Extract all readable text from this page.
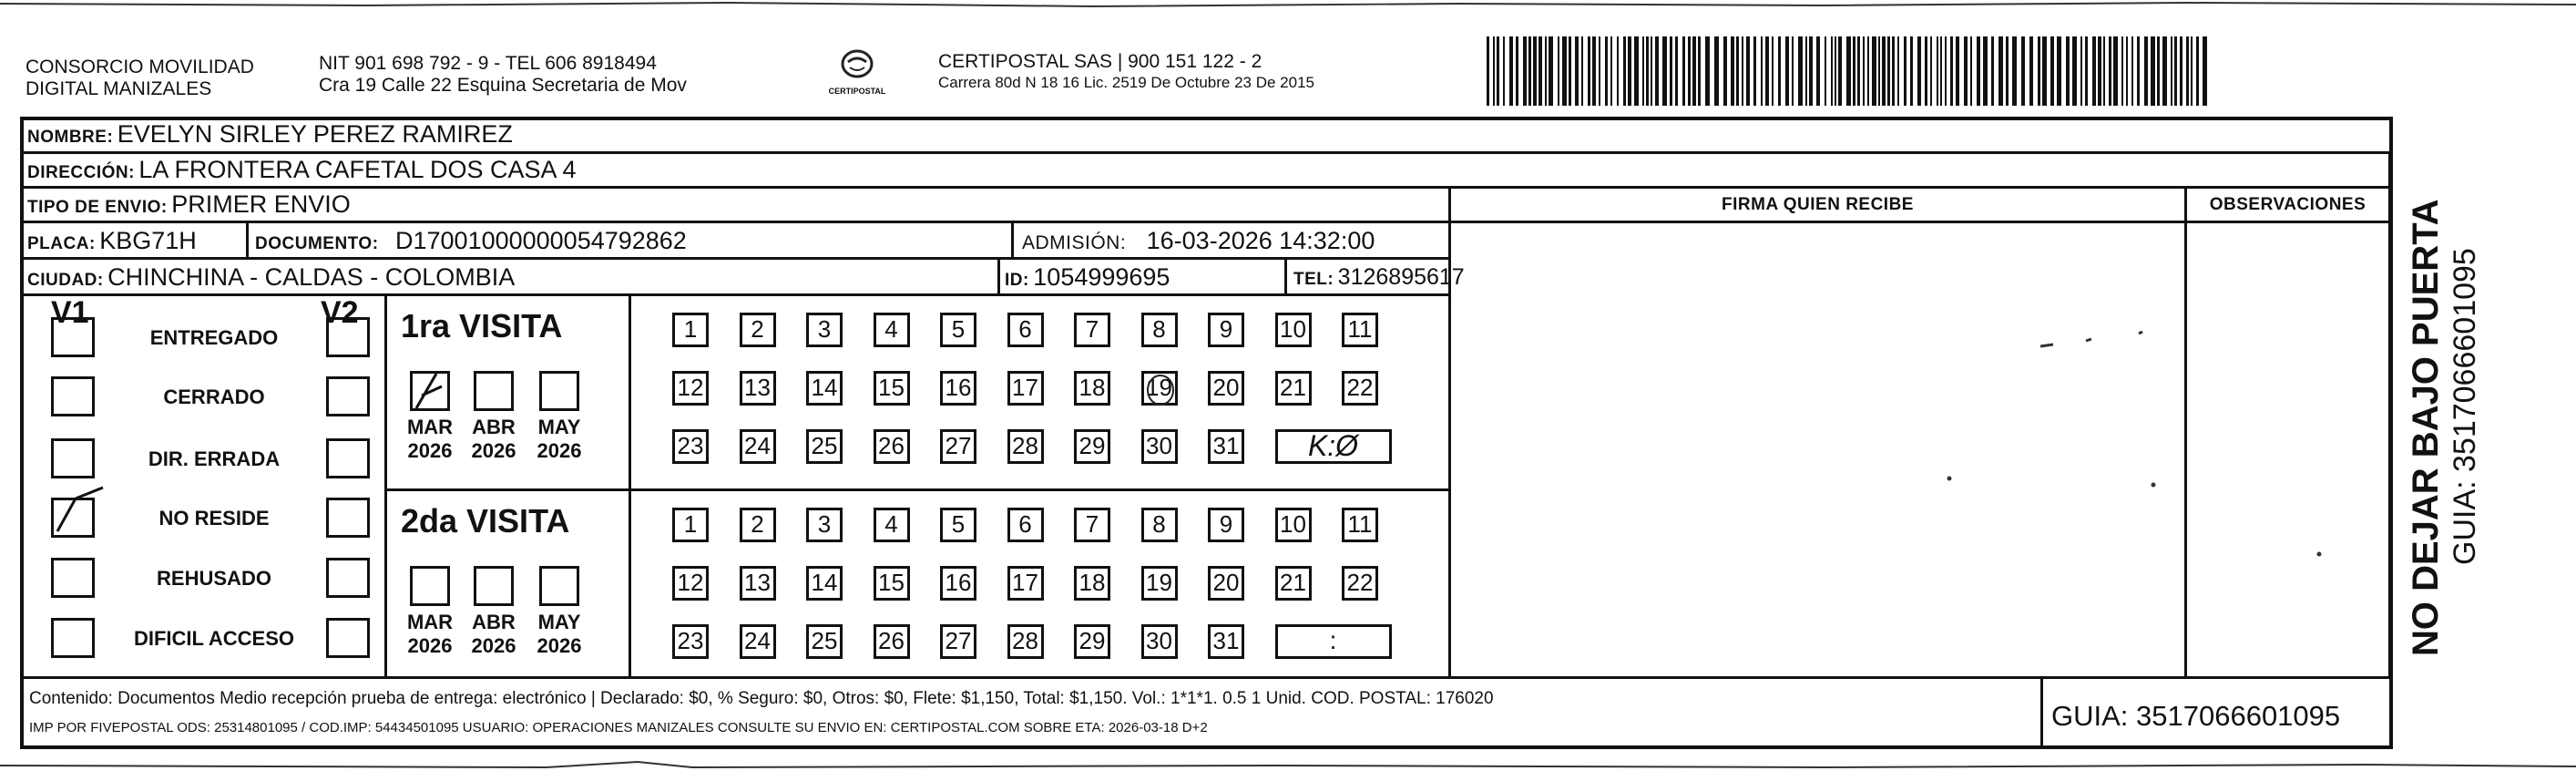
CONSORCIO MOVILIDAD
DIGITAL MANIZALES
NIT 901 698 792 - 9 - TEL 606 8918494
Cra 19 Calle 22 Esquina Secretaria de Mov	CERTIPOSTAL
CERTIPOSTAL SAS | 900 151 122 - 2
Carrera 80d N 18 16 Lic. 2519 De Octubre 23 De 2015
NOMBRE: EVELYN SIRLEY PEREZ RAMIREZ
DIRECCIÓN: LA FRONTERA CAFETAL DOS CASA 4
TIPO DE ENVIO: PRIMER ENVIO	FIRMA QUIEN RECIBE	OBSERVACIONES
PLACA: KBG71H	DOCUMENTO: D17001000000054792862	ADMISIÓN: 16-03-2026 14:32:00
CIUDAD: CHINCHINA - CALDAS - COLOMBIA	ID: 1054999695	TEL: 3126895617
V1	V2
ENTREGADO
CERRADO
DIR. ERRADA
NO RESIDE
REHUSADO
DIFICIL ACCESO
1ra VISITA
MAR
2026
ABR
2026
MAY
2026
1	2	3	4	5	6	7	8	9	10 11
12 13 14 15 16 17 18 19 20 21 22
23 24 25 26 27 28 29 30 31	K:Ø
2da VISITA
MAR
2026
ABR
2026
MAY
2026
1	2	3	4	5	6	7	8	9	10 11
12 13 14 15 16 17 18 19 20 21 22
23 24 25 26 27 28 29 30 31	:
Contenido: Documentos Medio recepción prueba de entrega: electrónico | Declarado: $0, % Seguro: $0, Otros: $0, Flete: $1,150, Total: $1,150. Vol.: 1*1*1. 0.5 1 Unid. COD. POSTAL: 176020
IMP POR FIVEPOSTAL ODS: 25314801095 / COD.IMP: 54434501095 USUARIO: OPERACIONES MANIZALES CONSULTE SU ENVIO EN: CERTIPOSTAL.COM SOBRE ETA: 2026-03-18 D+2	GUIA: 3517066601095
NO DEJAR BAJO PUERTA GUIA: 3517066601095
